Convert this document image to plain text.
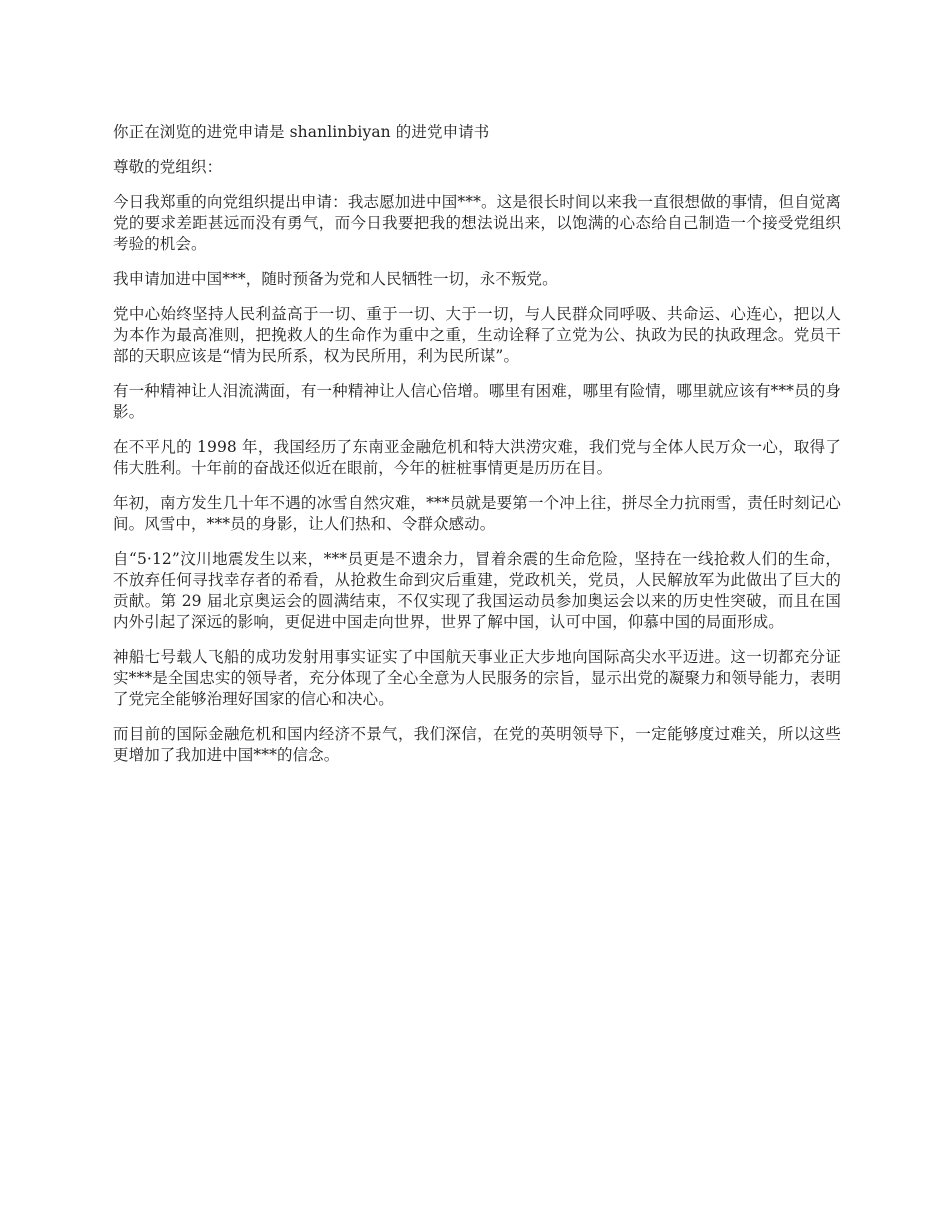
你正在浏览的进党申请是 shanlinbiyan 的进党申请书

尊敬的党组织：

今日我郑重的向党组织提出申请：我志愿加进中国***。这是很长时间以来我一直很想做的事情，但自觉离党的要求差距甚远而没有勇气，而今日我要把我的想法说出来，以饱满的心态给自己制造一个接受党组织考验的机会。

我申请加进中国***，随时预备为党和人民牺牲一切，永不叛党。

党中心始终坚持人民利益高于一切、重于一切、大于一切，与人民群众同呼吸、共命运、心连心，把以人为本作为最高准则，把挽救人的生命作为重中之重，生动诠释了立党为公、执政为民的执政理念。党员干部的天职应该是“情为民所系，权为民所用，利为民所谋”。

有一种精神让人泪流满面，有一种精神让人信心倍增。哪里有困难，哪里有险情，哪里就应该有***员的身影。

在不平凡的 1998 年，我国经历了东南亚金融危机和特大洪涝灾难，我们党与全体人民万众一心，取得了伟大胜利。十年前的奋战还似近在眼前，今年的桩桩事情更是历历在目。

年初，南方发生几十年不遇的冰雪自然灾难，***员就是要第一个冲上往，拼尽全力抗雨雪，责任时刻记心间。风雪中，***员的身影，让人们热和、令群众感动。

自“5·12”汶川地震发生以来，***员更是不遗余力，冒着余震的生命危险，坚持在一线抢救人们的生命，不放弃任何寻找幸存者的希看，从抢救生命到灾后重建，党政机关，党员，人民解放军为此做出了巨大的贡献。第 29 届北京奥运会的圆满结束，不仅实现了我国运动员参加奥运会以来的历史性突破，而且在国内外引起了深远的影响，更促进中国走向世界，世界了解中国，认可中国，仰慕中国的局面形成。

神船七号载人飞船的成功发射用事实证实了中国航天事业正大步地向国际高尖水平迈进。这一切都充分证实***是全国忠实的领导者，充分体现了全心全意为人民服务的宗旨，显示出党的凝聚力和领导能力，表明了党完全能够治理好国家的信心和决心。

而目前的国际金融危机和国内经济不景气，我们深信，在党的英明领导下，一定能够度过难关，所以这些更增加了我加进中国***的信念。
